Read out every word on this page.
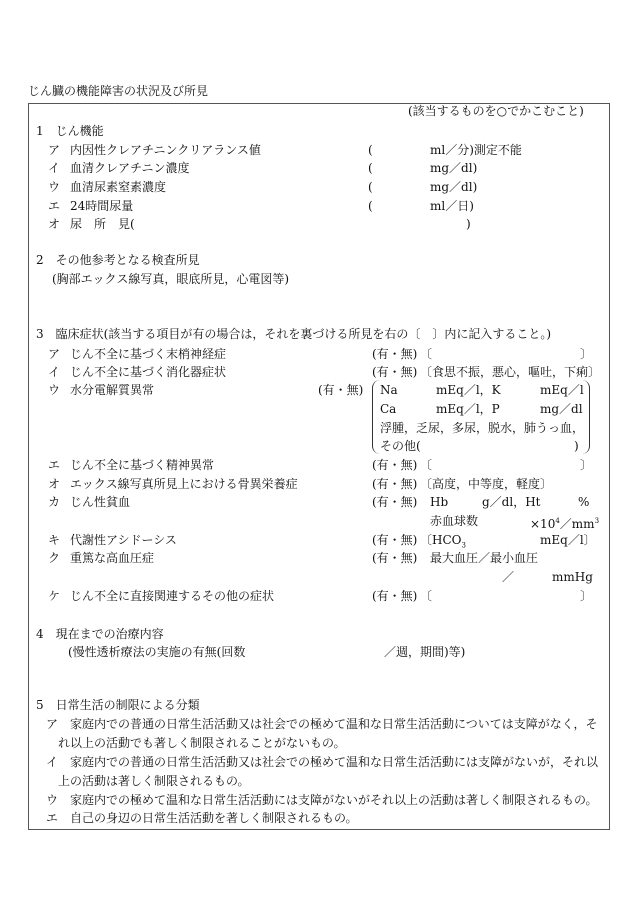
じん臓の機能障害の状況及び所見
(該当するものを○でかこむこと)
1　じん機能
ア 内因性クレアチニンクリアランス値	(	ml／分)測定不能
イ 血清クレアチニン濃度	(	mg／dl)
ウ 血清尿素窒素濃度	(	mg／dl)
エ 24時間尿量	(	ml／日)
オ 尿　所　見(	)
2　その他参考となる検査所見
(胸部エックス線写真，眼底所見，心電図等)
3　臨床症状(該当する項目が有の場合は，それを裏づける所見を右の〔　〕内に記入すること。)
ア じん不全に基づく末梢神経症	(有・無) 〔	〕
イ じん不全に基づく消化器症状	(有・無) 〔食思不振，悪心，嘔吐，下痢〕
ウ 水分電解質異常	(有・無) Na	mEq／l，K	mEq／l
Ca	mEq／l，P	mg／dl
浮腫，乏尿，多尿，脱水，肺うっ血，
その他(	)
エ じん不全に基づく精神異常	(有・無) 〔	〕
オ エックス線写真所見上における骨異栄養症	(有・無) 〔高度，中等度，軽度〕
カ じん性貧血	(有・無) Hb	g／dl，Ht	%
赤血球数	$\times 10^4/mm^3$
キ 代謝性アシドーシス	(有・無) 〔$HCO_3$	mEq／l〕
ク 重篤な高血圧症	(有・無) 最大血圧／最小血圧
／	mmHg
ケ じん不全に直接関連するその他の症状	(有・無) 〔	〕
4　現在までの治療内容
(慢性透析療法の実施の有無(回数	／週，期間)等)
5　日常生活の制限による分類
ア　家庭内での普通の日常生活活動又は社会での極めて温和な日常生活活動については支障がなく，そ
れ以上の活動でも著しく制限されることがないもの。
イ　家庭内での普通の日常生活活動又は社会での極めて温和な日常生活活動には支障がないが，それ以
上の活動は著しく制限されるもの。
ウ　家庭内での極めて温和な日常生活活動には支障がないがそれ以上の活動は著しく制限されるもの。
エ　自己の身辺の日常生活活動を著しく制限されるもの。
